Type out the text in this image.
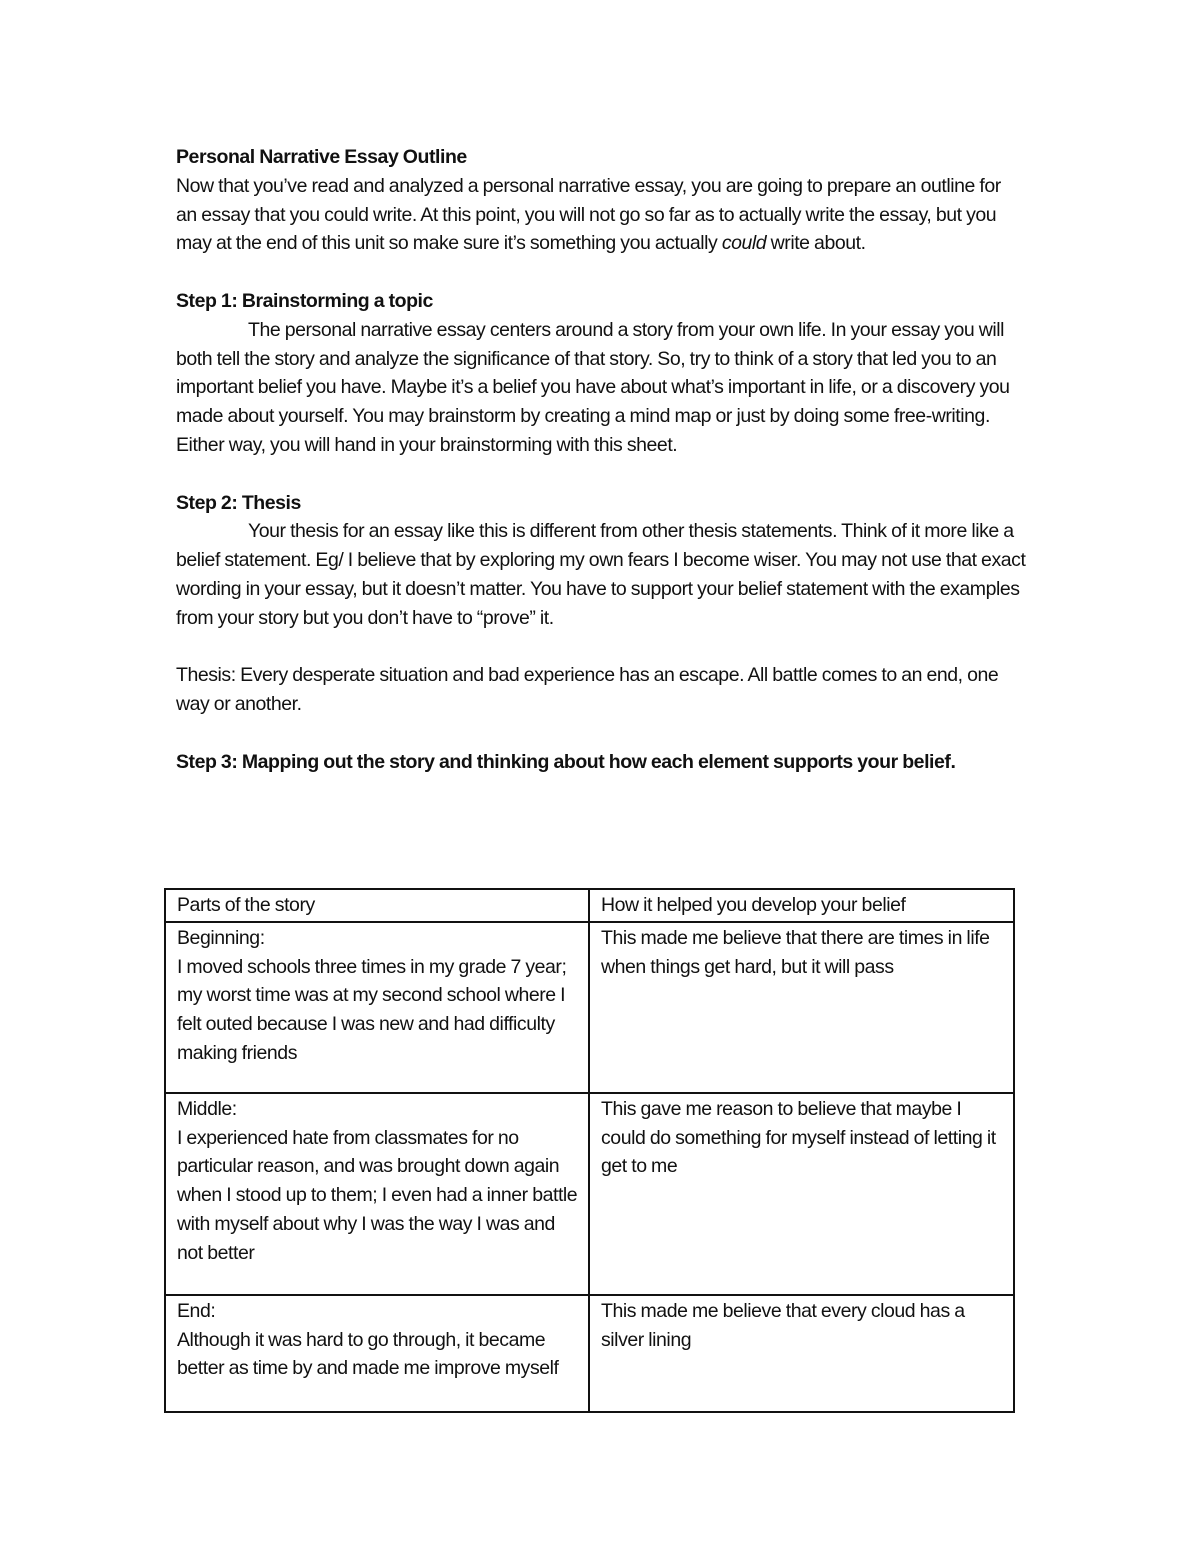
Personal Narrative Essay Outline

Now that you’ve read and analyzed a personal narrative essay, you are going to prepare an outline for an essay that you could write. At this point, you will not go so far as to actually write the essay, but you may at the end of this unit so make sure it’s something you actually could write about.

Step 1: Brainstorming a topic

The personal narrative essay centers around a story from your own life. In your essay you will both tell the story and analyze the significance of that story. So, try to think of a story that led you to an important belief you have. Maybe it’s a belief you have about what’s important in life, or a discovery you made about yourself. You may brainstorm by creating a mind map or just by doing some free-writing. Either way, you will hand in your brainstorming with this sheet.

Step 2: Thesis

Your thesis for an essay like this is different from other thesis statements. Think of it more like a belief statement. Eg/ I believe that by exploring my own fears I become wiser. You may not use that exact wording in your essay, but it doesn’t matter. You have to support your belief statement with the examples from your story but you don’t have to “prove” it.

Thesis: Every desperate situation and bad experience has an escape. All battle comes to an end, one way or another.

Step 3: Mapping out the story and thinking about how each element supports your belief.

Parts of the story	How it helped you develop your belief

Beginning:
I moved schools three times in my grade 7 year; my worst time was at my second school where I felt outed because I was new and had difficulty making friends	This made me believe that there are times in life when things get hard, but it will pass

Middle:
I experienced hate from classmates for no particular reason, and was brought down again when I stood up to them; I even had a inner battle with myself about why I was the way I was and not better	This gave me reason to believe that maybe I could do something for myself instead of letting it get to me

End:
Although it was hard to go through, it became better as time by and made me improve myself	This made me believe that every cloud has a silver lining
